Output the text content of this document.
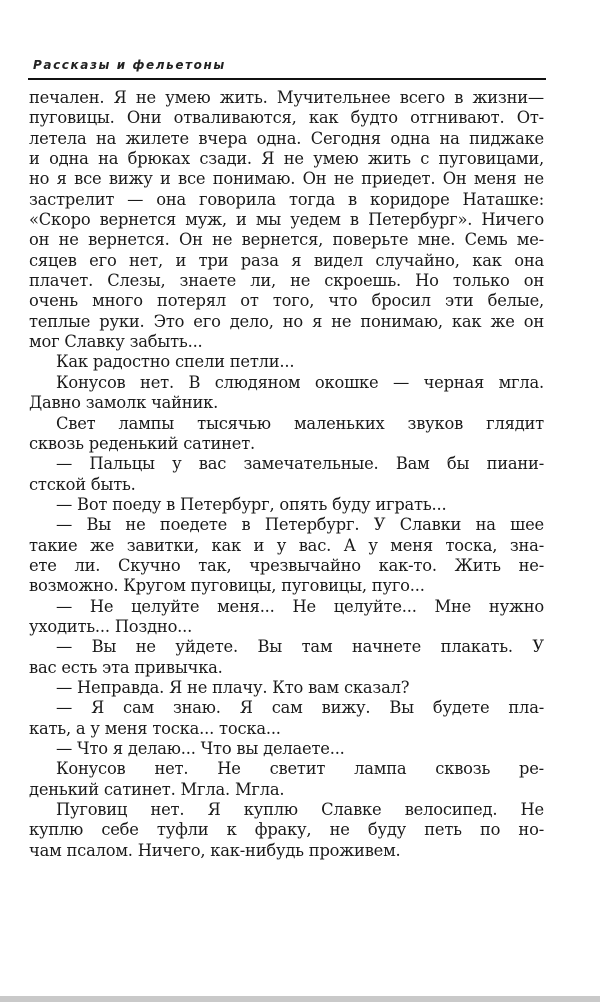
Рассказы и фельетоны
печален. Я не умею жить. Мучительнее всего в жизни—
пуговицы. Они отваливаются, как будто отгнивают. От-
летела на жилете вчера одна. Сегодня одна на пиджаке
и одна на брюках сзади. Я не умею жить с пуговицами,
но я все вижу и все понимаю. Он не приедет. Он меня не
застрелит — она говорила тогда в коридоре Наташке:
«Скоро вернется муж, и мы уедем в Петербург». Ничего
он не вернется. Он не вернется, поверьте мне. Семь ме-
сяцев его нет, и три раза я видел случайно, как она
плачет. Слезы, знаете ли, не скроешь. Но только он
очень много потерял от того, что бросил эти белые,
теплые руки. Это его дело, но я не понимаю, как же он
мог Славку забыть...
Как радостно спели петли...
Конусов нет. В слюдяном окошке — черная мгла.
Давно замолк чайник.
Свет лампы тысячью маленьких звуков глядит
сквозь реденький сатинет.
— Пальцы у вас замечательные. Вам бы пиани-
стской быть.
— Вот поеду в Петербург, опять буду играть...
— Вы не поедете в Петербург. У Славки на шее
такие же завитки, как и у вас. А у меня тоска, зна-
ете ли. Скучно так, чрезвычайно как-то. Жить не-
возможно. Кругом пуговицы, пуговицы, пуго...
— Не целуйте меня... Не целуйте... Мне нужно
уходить... Поздно...
— Вы не уйдете. Вы там начнете плакать. У
вас есть эта привычка.
— Неправда. Я не плачу. Кто вам сказал?
— Я сам знаю. Я сам вижу. Вы будете пла-
кать, а у меня тоска... тоска...
— Что я делаю... Что вы делаете...
Конусов нет. Не светит лампа сквозь ре-
денький сатинет. Мгла. Мгла.
Пуговиц нет. Я куплю Славке велосипед. Не
куплю себе туфли к фраку, не буду петь по но-
чам псалом. Ничего, как-нибудь проживем.
